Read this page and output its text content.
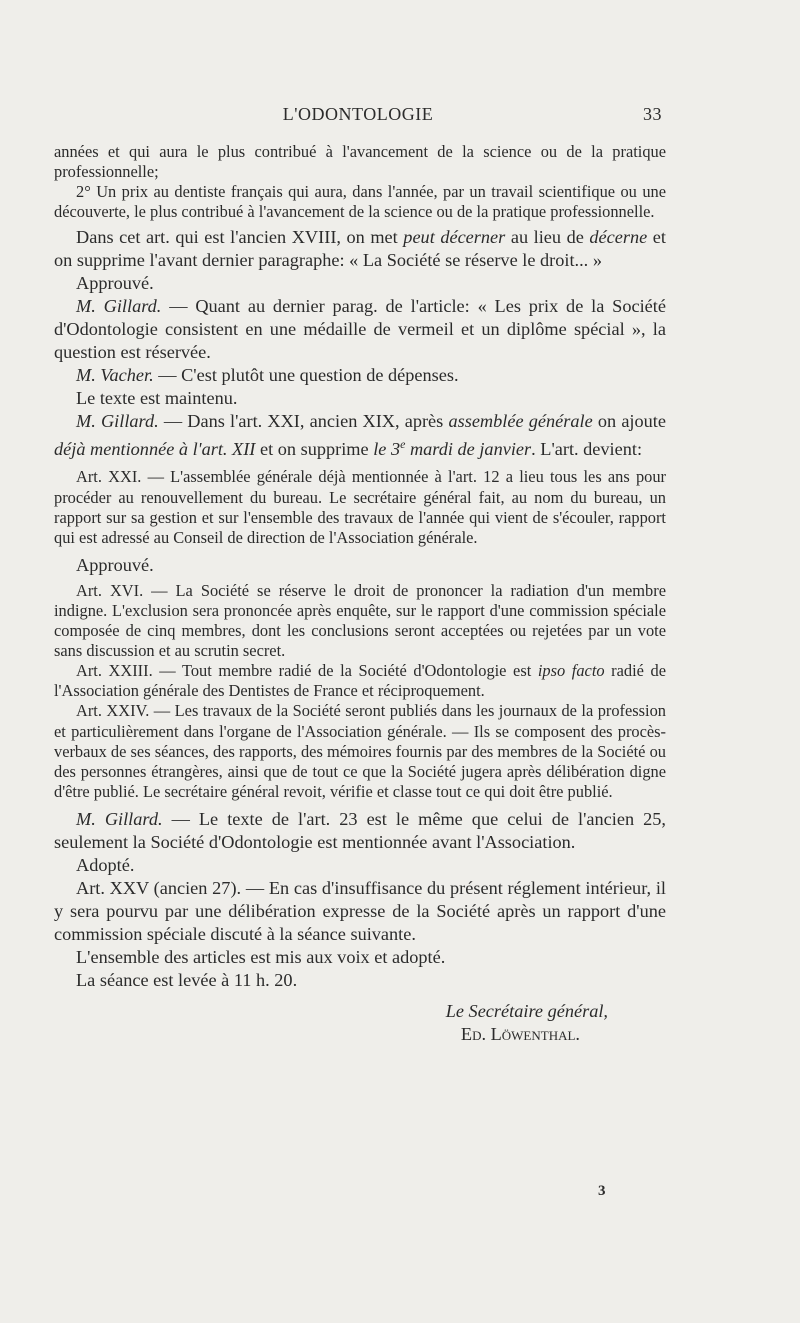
L'ODONTOLOGIE	33

années et qui aura le plus contribué à l'avancement de la science ou de la pratique professionnelle;

2° Un prix au dentiste français qui aura, dans l'année, par un travail scientifique ou une découverte, le plus contribué à l'avancement de la science ou de la pratique professionnelle.

Dans cet art. qui est l'ancien XVIII, on met peut décerner au lieu de décerne et on supprime l'avant dernier paragraphe: « La Société se réserve le droit... »

Approuvé.

M. Gillard. — Quant au dernier parag. de l'article: « Les prix de la Société d'Odontologie consistent en une médaille de vermeil et un diplôme spécial », la question est réservée.

M. Vacher. — C'est plutôt une question de dépenses.

Le texte est maintenu.

M. Gillard. — Dans l'art. XXI, ancien XIX, après assemblée générale on ajoute déjà mentionnée à l'art. XII et on supprime le 3e mardi de janvier. L'art. devient:

Art. XXI. — L'assemblée générale déjà mentionnée à l'art. 12 a lieu tous les ans pour procéder au renouvellement du bureau. Le secrétaire général fait, au nom du bureau, un rapport sur sa gestion et sur l'ensemble des travaux de l'année qui vient de s'écouler, rapport qui est adressé au Conseil de direction de l'Association générale.

Approuvé.

Art. XVI. — La Société se réserve le droit de prononcer la radiation d'un membre indigne. L'exclusion sera prononcée après enquête, sur le rapport d'une commission spéciale composée de cinq membres, dont les conclusions seront acceptées ou rejetées par un vote sans discussion et au scrutin secret.

Art. XXIII. — Tout membre radié de la Société d'Odontologie est ipso facto radié de l'Association générale des Dentistes de France et réciproquement.

Art. XXIV. — Les travaux de la Société seront publiés dans les journaux de la profession et particulièrement dans l'organe de l'Association générale. — Ils se composent des procès-verbaux de ses séances, des rapports, des mémoires fournis par des membres de la Société ou des personnes étrangères, ainsi que de tout ce que la Société jugera après délibération digne d'être publié. Le secrétaire général revoit, vérifie et classe tout ce qui doit être publié.

M. Gillard. — Le texte de l'art. 23 est le même que celui de l'ancien 25, seulement la Société d'Odontologie est mentionnée avant l'Association.

Adopté.

Art. XXV (ancien 27). — En cas d'insuffisance du présent réglement intérieur, il y sera pourvu par une délibération expresse de la Société après un rapport d'une commission spéciale discuté à la séance suivante.

L'ensemble des articles est mis aux voix et adopté.

La séance est levée à 11 h. 20.

Le Secrétaire général,
Ed. Löwenthal.
3
